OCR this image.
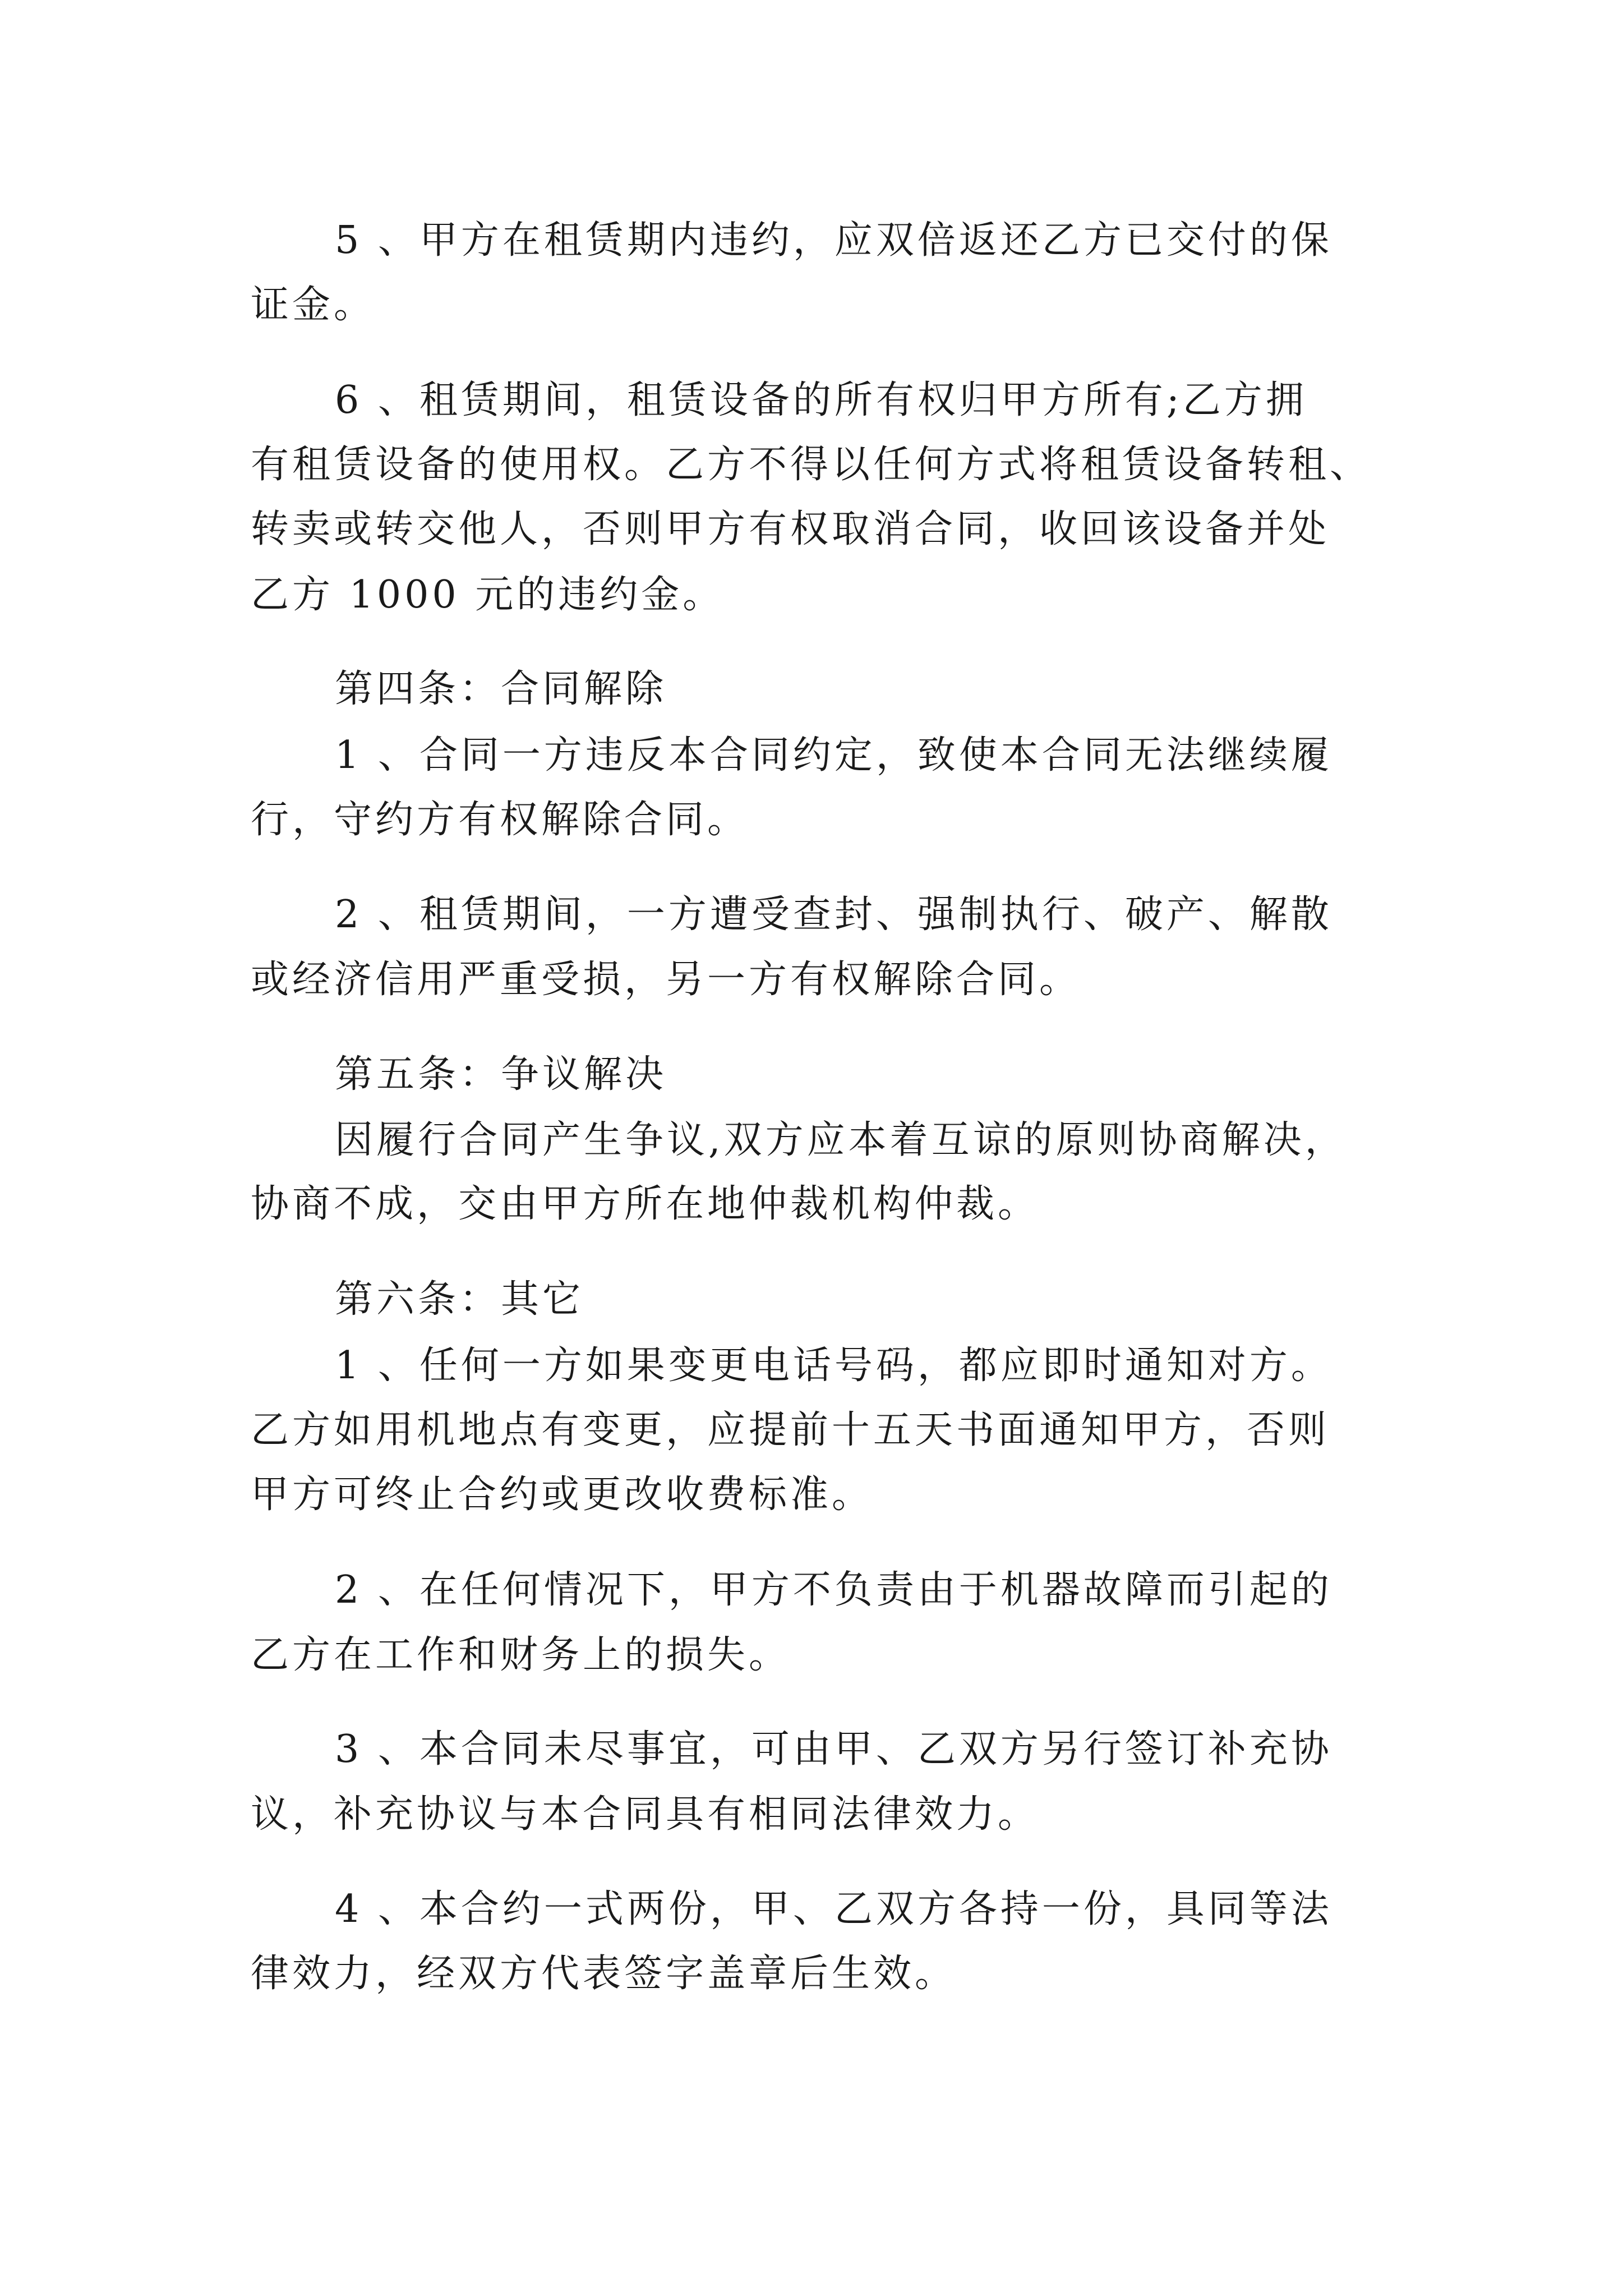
5 、甲方在租赁期内违约，应双倍返还乙方已交付的保
证金。
6 、租赁期间，租赁设备的所有权归甲方所有;乙方拥
有租赁设备的使用权。乙方不得以任何方式将租赁设备转租、
转卖或转交他人，否则甲方有权取消合同，收回该设备并处
乙方 1000 元的违约金。
第四条：合同解除
1 、合同一方违反本合同约定，致使本合同无法继续履
行，守约方有权解除合同。
2 、租赁期间，一方遭受查封、强制执行、破产、解散
或经济信用严重受损，另一方有权解除合同。
第五条：争议解决
因履行合同产生争议,双方应本着互谅的原则协商解决，
协商不成，交由甲方所在地仲裁机构仲裁。
第六条：其它
1 、任何一方如果变更电话号码，都应即时通知对方。
乙方如用机地点有变更，应提前十五天书面通知甲方，否则
甲方可终止合约或更改收费标准。
2 、在任何情况下，甲方不负责由于机器故障而引起的
乙方在工作和财务上的损失。
3 、本合同未尽事宜，可由甲、乙双方另行签订补充协
议，补充协议与本合同具有相同法律效力。
4 、本合约一式两份，甲、乙双方各持一份，具同等法
律效力，经双方代表签字盖章后生效。
